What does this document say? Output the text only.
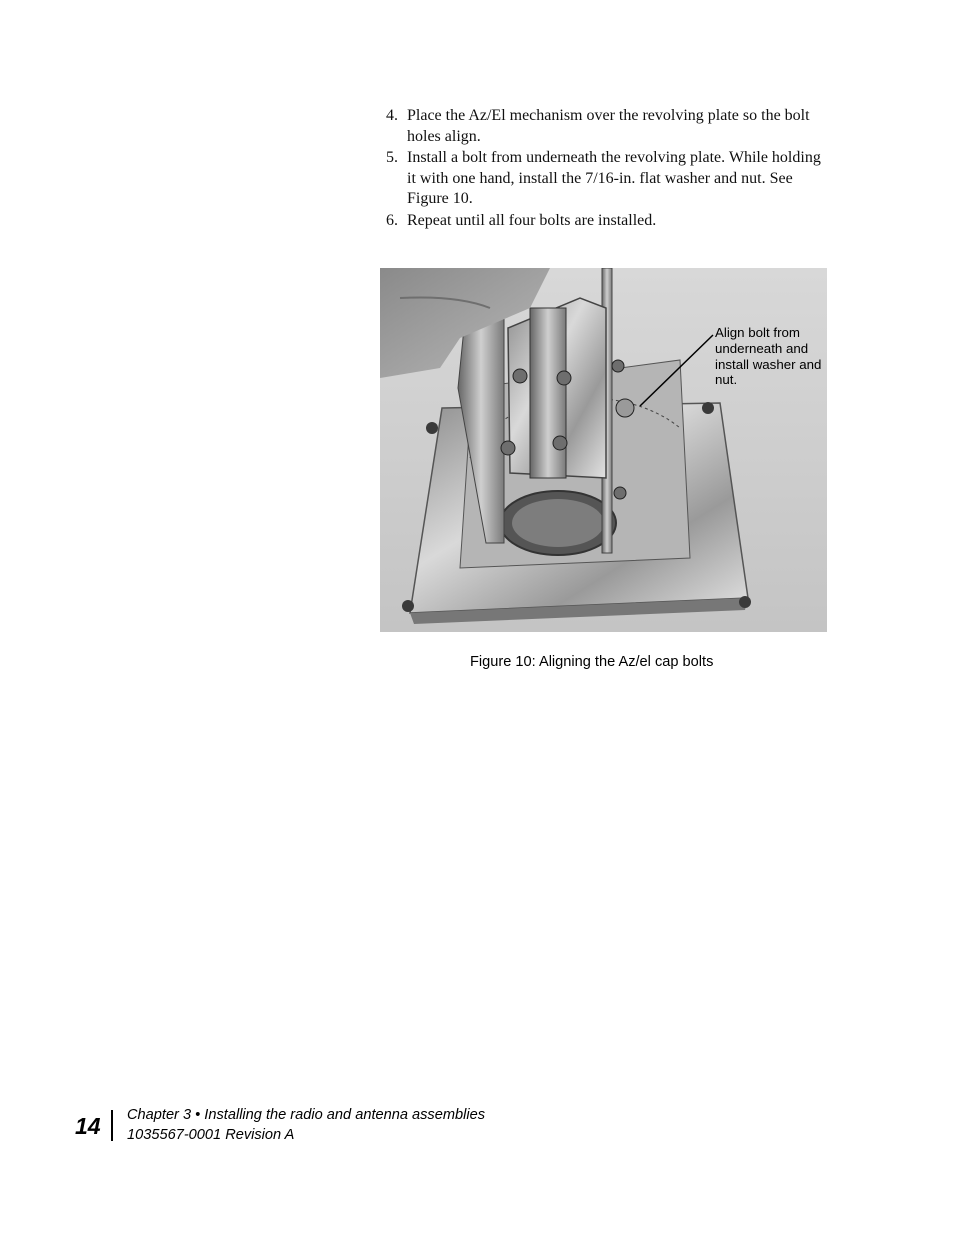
4. Place the Az/El mechanism over the revolving plate so the bolt holes align.
5. Install a bolt from underneath the revolving plate. While holding it with one hand, install the 7/16-in. flat washer and nut. See Figure 10.
6. Repeat until all four bolts are installed.
Align bolt from underneath and install washer and nut.
Figure 10: Aligning the Az/el cap bolts
14 Chapter 3 • Installing the radio and antenna assemblies
1035567-0001 Revision A
